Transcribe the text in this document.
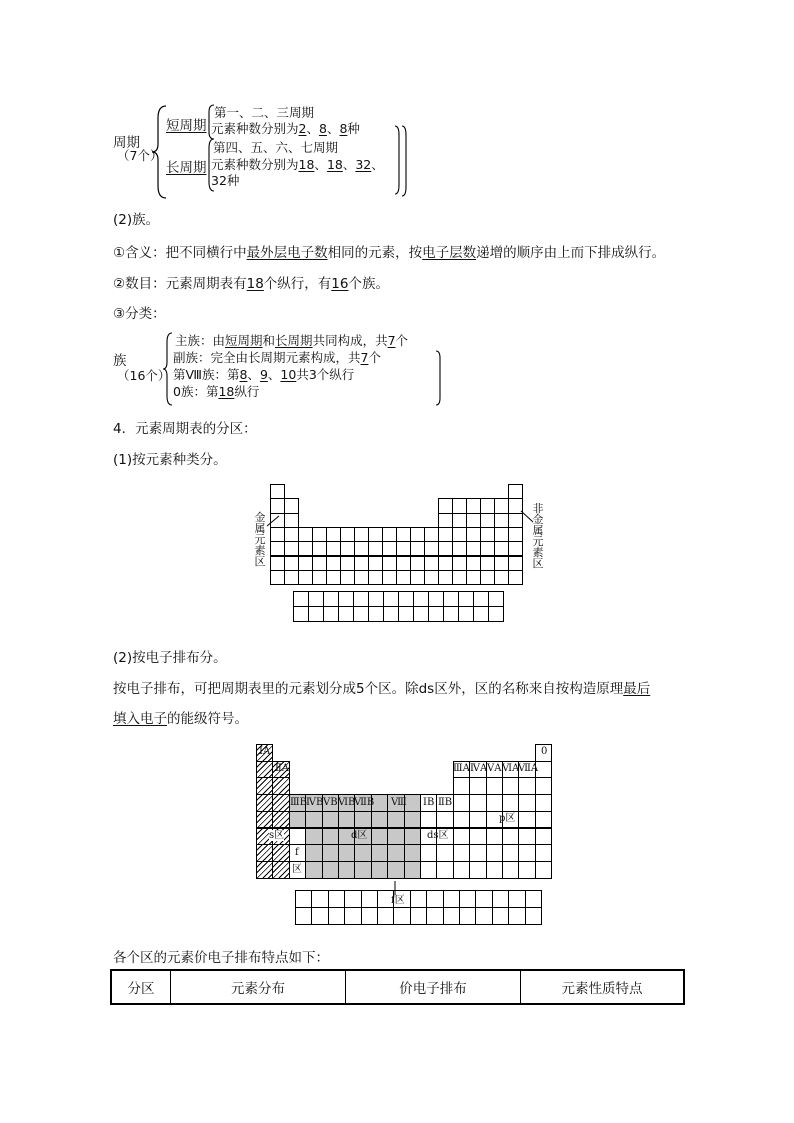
周期
（7个）
短周期
第一、二、三周期
元素种数分别为2、8、8种
长周期
第四、五、六、七周期
元素种数分别为18、18、32、
32种
(2)族。
①含义：把不同横行中最外层电子数相同的元素，按电子层数递增的顺序由上而下排成纵行。
②数目：元素周期表有18个纵行，有16个族。
③分类：
族
（16个）
主族：由短周期和长周期共同构成，共7个
副族：完全由长周期元素构成，共7个
第Ⅷ族：第8、9、10共3个纵行
0族：第18纵行
4．元素周期表的分区：
(1)按元素种类分。
金
属
元
素
区
非
金
属
元
素
区
(2)按电子排布分。
按电子排布，可把周期表里的元素划分成5个区。除ds区外，区的名称来自按构造原理最后
填入电子的能级符号。
ⅠA
ⅡA
0
ⅢA ⅣA ⅤA ⅥA
ⅦA
ⅢB ⅣB ⅤB ⅥB
ⅦB Ⅷ ⅠB ⅡB
s区	d区	ds区
p区
f
区
f区
各个区的元素价电子排布特点如下：
分区	元素分布	价电子排布	元素性质特点
